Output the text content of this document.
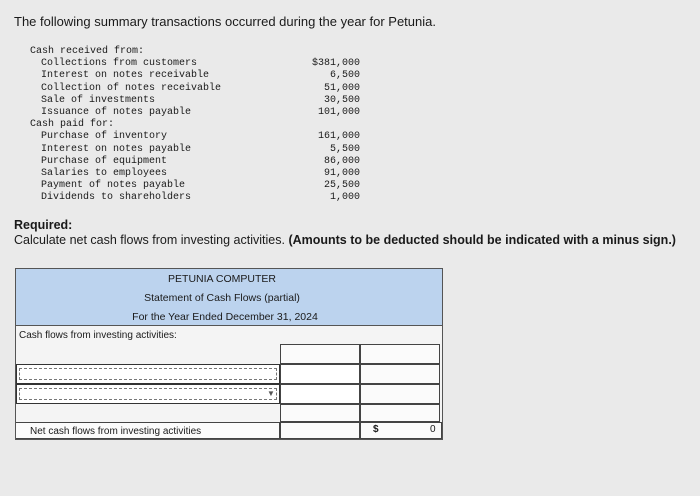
The following summary transactions occurred during the year for Petunia.
Cash received from:
Collections from customers	$381,000
Interest on notes receivable	6,500
Collection of notes receivable	51,000
Sale of investments	30,500
Issuance of notes payable	101,000
Cash paid for:
Purchase of inventory	161,000
Interest on notes payable	5,500
Purchase of equipment	86,000
Salaries to employees	91,000
Payment of notes payable	25,500
Dividends to shareholders	1,000
Required:
Calculate net cash flows from investing activities. (Amounts to be deducted should be indicated with a minus sign.)
PETUNIA COMPUTER
Statement of Cash Flows (partial)
For the Year Ended December 31, 2024
Cash flows from investing activities:
▼
Net cash flows from investing activities	$	0
